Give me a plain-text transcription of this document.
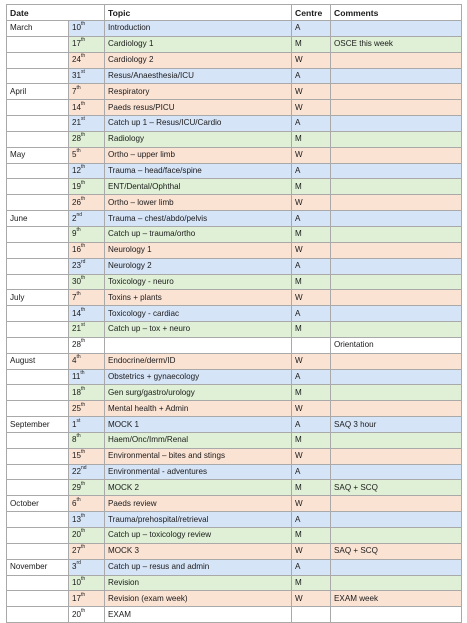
Date		Topic	Centre	Comments
March	10th	Introduction	A	
	17th	Cardiology 1	M	OSCE this week
	24th	Cardiology 2	W	
	31st	Resus/Anaesthesia/ICU	A	
April	7th	Respiratory	W	
	14th	Paeds resus/PICU	W	
	21st	Catch up 1 – Resus/ICU/Cardio	A	
	28th	Radiology	M	
May	5th	Ortho – upper limb	W	
	12th	Trauma – head/face/spine	A	
	19th	ENT/Dental/Ophthal	M	
	26th	Ortho – lower limb	W	
June	2nd	Trauma – chest/abdo/pelvis	A	
	9th	Catch up – trauma/ortho	M	
	16th	Neurology 1	W	
	23rd	Neurology 2	A	
	30th	Toxicology - neuro	M	
July	7th	Toxins + plants	W	
	14th	Toxicology - cardiac	A	
	21st	Catch up – tox + neuro	M	
	28th			Orientation
August	4th	Endocrine/derm/ID	W	
	11th	Obstetrics + gynaecology	A	
	18th	Gen surg/gastro/urology	M	
	25th	Mental health + Admin	W	
September	1st	MOCK 1	A	SAQ 3 hour
	8th	Haem/Onc/Imm/Renal	M	
	15th	Environmental – bites and stings	W	
	22nd	Environmental - adventures	A	
	29th	MOCK 2	M	SAQ + SCQ
October	6th	Paeds review	W	
	13th	Trauma/prehospital/retrieval	A	
	20th	Catch up – toxicology review	M	
	27th	MOCK 3	W	SAQ + SCQ
November	3rd	Catch up – resus and admin	A	
	10th	Revision	M	
	17th	Revision (exam week)	W	EXAM week
	20th	EXAM		
